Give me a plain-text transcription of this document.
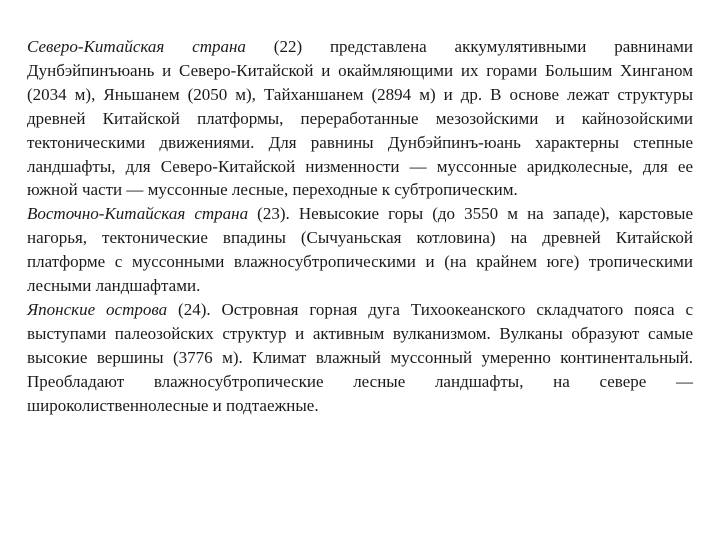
Северо-Китайская страна (22) представлена аккумулятивными равнинами Дунбэйпинъюань и Северо-Китайской и окаймляющими их горами Большим Хинганом (2034 м), Яньшанем (2050 м), Тайханшанем (2894 м) и др. В основе лежат структуры древней Китайской платформы, переработанные мезозойскими и кайнозойскими тектоническими движениями. Для равнины Дунбэйпинъ-юань характерны степные ландшафты, для Северо-Китайской низменности — муссонные аридколесные, для ее южной части — муссонные лесные, переходные к субтропическим.

Восточно-Китайская страна (23). Невысокие горы (до 3550 м на западе), карстовые нагорья, тектонические впадины (Сычуаньская котловина) на древней Китайской платформе с муссонными влажносубтропическими и (на крайнем юге) тропическими лесными ландшафтами.

Японские острова (24). Островная горная дуга Тихоокеанского складчатого пояса с выступами палеозойских структур и активным вулканизмом. Вулканы образуют самые высокие вершины (3776 м). Климат влажный муссонный умеренно континентальный. Преобладают влажносубтропические лесные ландшафты, на севере — широколиственнолесные и подтаежные.
